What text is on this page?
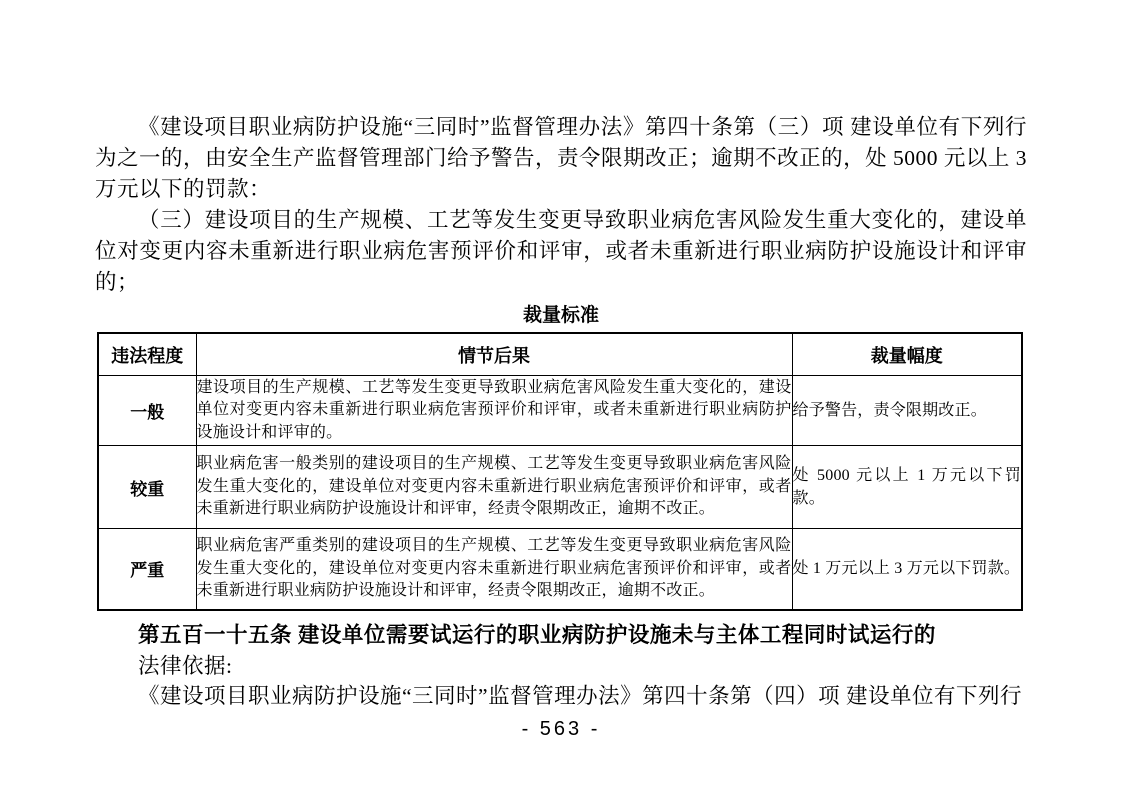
《建设项目职业病防护设施“三同时”监督管理办法》第四十条第（三）项 建设单位有下列行为之一的，由安全生产监督管理部门给予警告，责令限期改正；逾期不改正的，处 5000 元以上 3 万元以下的罚款：

（三）建设项目的生产规模、工艺等发生变更导致职业病危害风险发生重大变化的，建设单位对变更内容未重新进行职业病危害预评价和评审，或者未重新进行职业病防护设施设计和评审的；

裁量标准
违法程度	情节后果	裁量幅度
一般	建设项目的生产规模、工艺等发生变更导致职业病危害风险发生重大变化的，建设单位对变更内容未重新进行职业病危害预评价和评审，或者未重新进行职业病防护设施设计和评审的。	给予警告，责令限期改正。
较重	职业病危害一般类别的建设项目的生产规模、工艺等发生变更导致职业病危害风险发生重大变化的，建设单位对变更内容未重新进行职业病危害预评价和评审，或者未重新进行职业病防护设施设计和评审，经责令限期改正，逾期不改正。	处 5000 元以上 1 万元以下罚款。
严重	职业病危害严重类别的建设项目的生产规模、工艺等发生变更导致职业病危害风险发生重大变化的，建设单位对变更内容未重新进行职业病危害预评价和评审，或者未重新进行职业病防护设施设计和评审，经责令限期改正，逾期不改正。	处 1 万元以上 3 万元以下罚款。

第五百一十五条 建设单位需要试运行的职业病防护设施未与主体工程同时试运行的

法律依据:

《建设项目职业病防护设施“三同时”监督管理办法》第四十条第（四）项 建设单位有下列行

- 563 -
